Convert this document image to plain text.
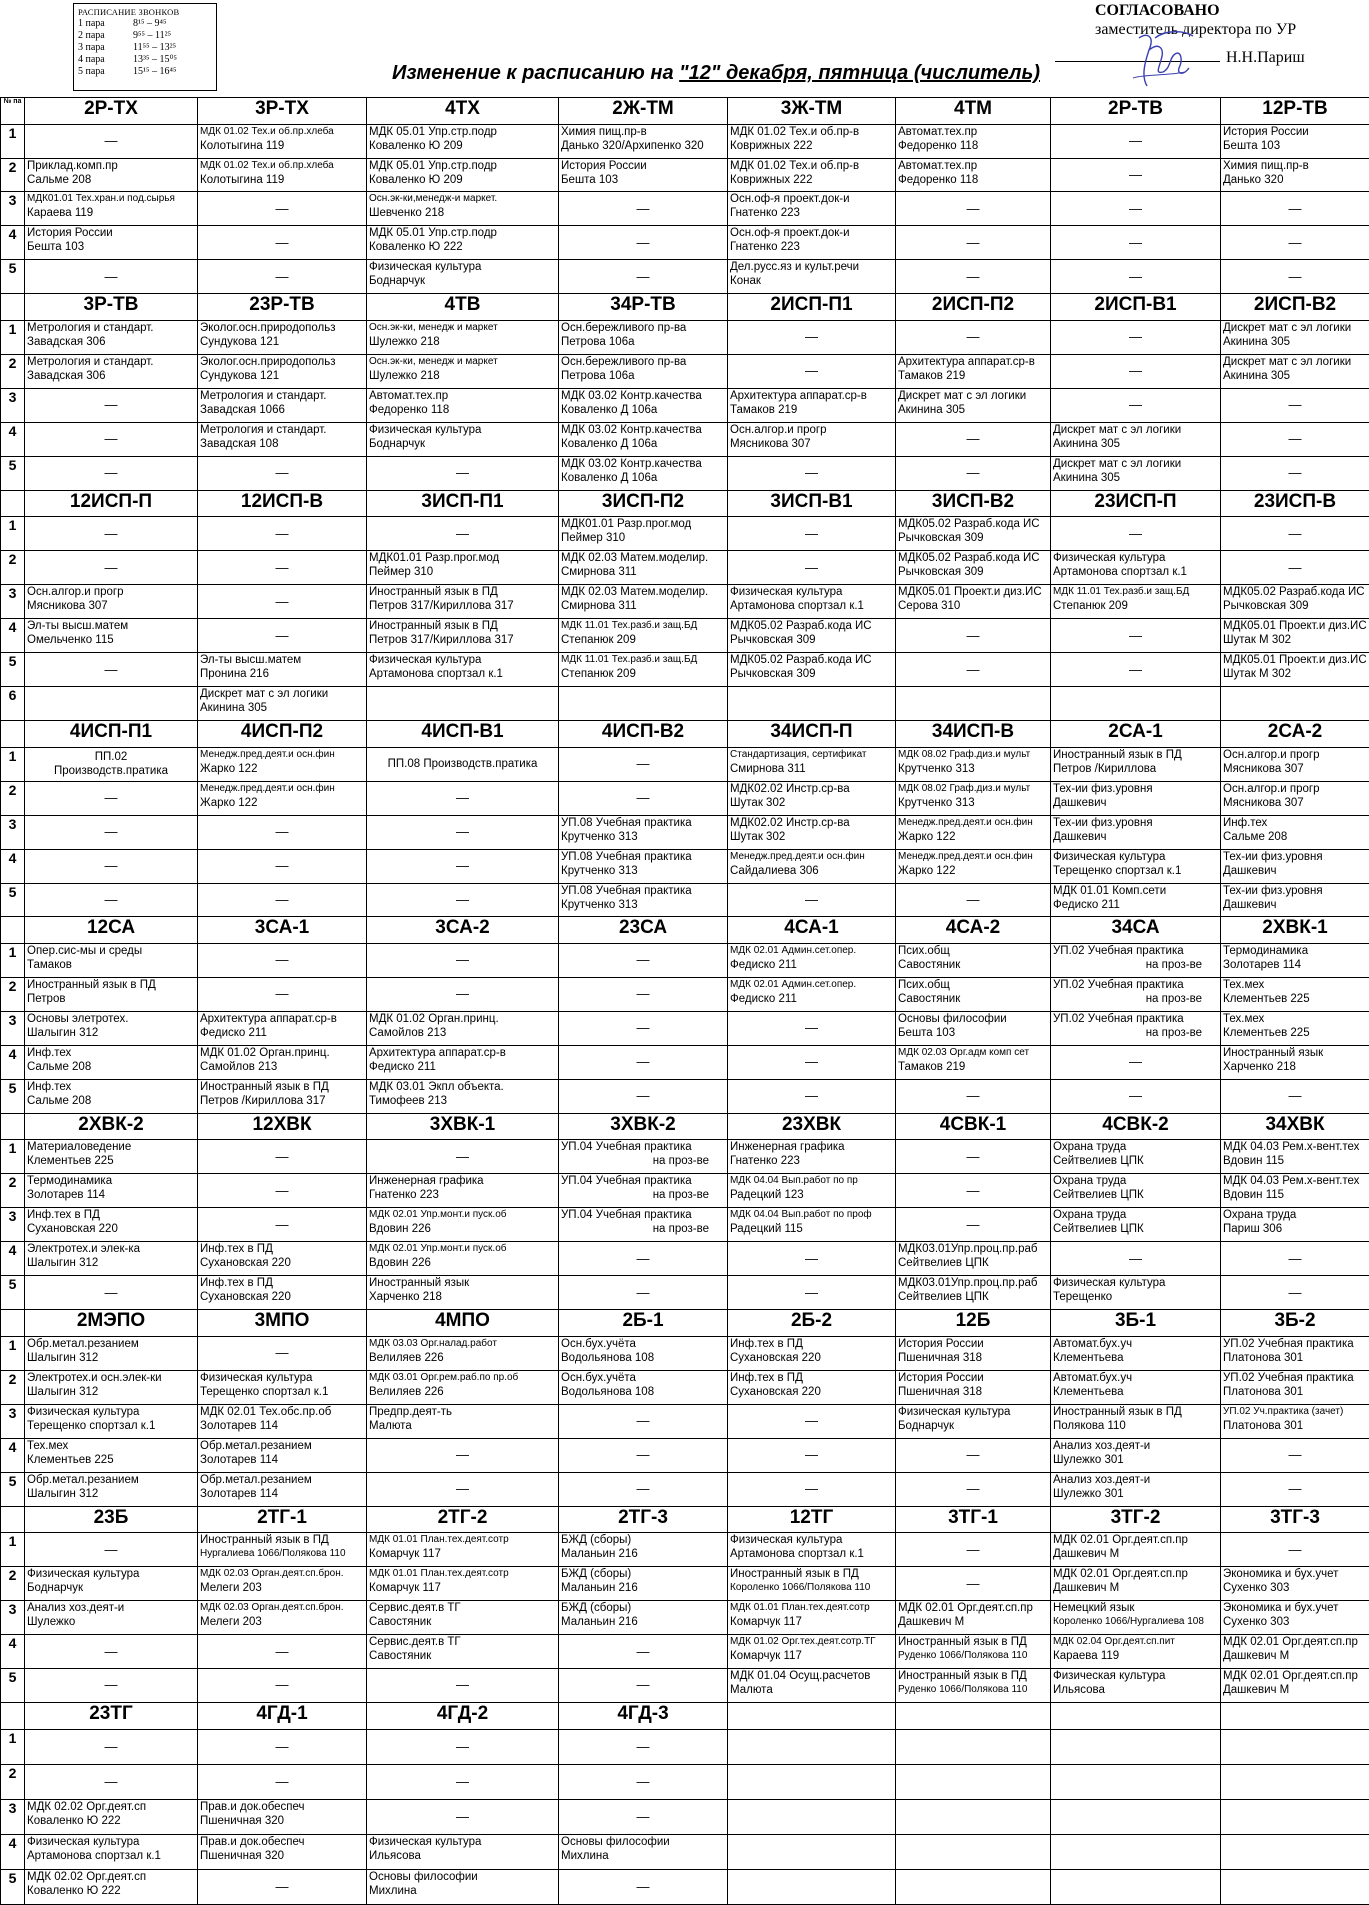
РАСПИСАНИЕ ЗВОНКОВ
1 пара	8¹⁵ – 9⁴⁵
2 пара	9⁵⁵ – 11²⁵
3 пара	11⁵⁵ – 13²⁵
4 пара	13³⁵ – 15⁰⁵
5 пара	15¹⁵ – 16⁴⁵
СОГЛАСОВАНО
заместитель директора по УР
Н.Н.Париш
Изменение к расписанию на "12" декабря, пятница (числитель)
№ па	2Р-ТХ	3Р-ТХ	4ТХ	2Ж-ТМ	3Ж-ТМ	4ТМ	2Р-ТВ	12Р-ТВ
1	—	МДК 01.02 Тех.и об.пр.хлеба
Колотыгина 119	МДК 05.01 Упр.стр.подр
Коваленко Ю 209	Химия пищ.пр-в
Данько 320/Архипенко 320	МДК 01.02 Тех.и об.пр-в
Коврижных 222	Автомат.тех.пр
Федоренко 118	—	История России
Бешта 103

2	Приклад.комп.пр
Сальме 208	МДК 01.02 Тех.и об.пр.хлеба
Колотыгина 119	МДК 05.01 Упр.стр.подр
Коваленко Ю 209	История России
Бешта 103	МДК 01.02 Тех.и об.пр-в
Коврижных 222	Автомат.тех.пр
Федоренко 118	—	Химия пищ.пр-в
Данько 320

3	МДК01.01 Тех.хран.и под.сырья
Караева 119	—	Осн.эк-ки,менедж-и маркет.
Шевченко 218	—	Осн.оф-я проект.док-и
Гнатенко 223	—	—	—
4	История России
Бешта 103	—	МДК 05.01 Упр.стр.подр
Коваленко Ю 222	—	Осн.оф-я проект.док-и
Гнатенко 223	—	—	—
5	—	—	Физическая культура
Боднарчук	—	Дел.русс.яз и культ.речи
Конак	—	—	—
	3Р-ТВ	23Р-ТВ	4ТВ	34Р-ТВ	2ИСП-П1	2ИСП-П2	2ИСП-В1	2ИСП-В2
1	Метрология и стандарт.
Завадская 306	Эколог.осн.природопольз
Сундукова 121	Осн.эк-ки, менедж и маркет
Шулежко 218	Осн.бережливого пр-ва
Петрова 106а	—	—	—	Дискрет мат с эл логики
Акинина 305

2	Метрология и стандарт.
Завадская 306	Эколог.осн.природопольз
Сундукова 121	Осн.эк-ки, менедж и маркет
Шулежко 218	Осн.бережливого пр-ва
Петрова 106а	—	Архитектура аппарат.ср-в
Тамаков 219	—	Дискрет мат с эл логики
Акинина 305

3	—	Метрология и стандарт.
Завадская 1066	Автомат.тех.пр
Федоренко 118	МДК 03.02 Контр.качества
Коваленко Д 106а	Архитектура аппарат.ср-в
Тамаков 219	Дискрет мат с эл логики
Акинина 305	—	—
4	—	Метрология и стандарт.
Завадская 108	Физическая культура
Боднарчук	МДК 03.02 Контр.качества
Коваленко Д 106а	Осн.алгор.и прогр
Мясникова 307	—	Дискрет мат с эл логики
Акинина 305	—
5	—	—	—	МДК 03.02 Контр.качества
Коваленко Д 106а	—	—	Дискрет мат с эл логики
Акинина 305	—
	12ИСП-П	12ИСП-В	3ИСП-П1	3ИСП-П2	3ИСП-В1	3ИСП-В2	23ИСП-П	23ИСП-В
1	—	—	—	МДК01.01 Разр.прог.мод
Пеймер 310	—	МДК05.02 Разраб.кода ИС
Рычковская 309	—	—
2	—	—	МДК01.01 Разр.прог.мод
Пеймер 310	МДК 02.03 Матем.моделир.
Смирнова 311	—	МДК05.02 Разраб.кода ИС
Рычковская 309	Физическая культура
Артамонова спортзал к.1	—
3	Осн.алгор.и прогр
Мясникова 307	—	Иностранный язык в ПД
Петров 317/Кириллова 317	МДК 02.03 Матем.моделир.
Смирнова 311	Физическая культура
Артамонова спортзал к.1	МДК05.01 Проект.и диз.ИС
Серова 310	МДК 11.01 Тех.разб.и защ.БД
Степанюк 209	МДК05.02 Разраб.кода ИС
Рычковская 309

4	Эл-ты высш.матем
Омельченко 115	—	Иностранный язык в ПД
Петров 317/Кириллова 317	МДК 11.01 Тех.разб.и защ.БД
Степанюк 209	МДК05.02 Разраб.кода ИС
Рычковская 309	—	—	МДК05.01 Проект.и диз.ИС
Шутак М 302

5	—	Эл-ты высш.матем
Пронина 216	Физическая культура
Артамонова спортзал к.1	МДК 11.01 Тех.разб.и защ.БД
Степанюк 209	МДК05.02 Разраб.кода ИС
Рычковская 309	—	—	МДК05.01 Проект.и диз.ИС
Шутак М 302

6		Дискрет мат с эл логики
Акинина 305						

	4ИСП-П1	4ИСП-П2	4ИСП-В1	4ИСП-В2	34ИСП-П	34ИСП-В	2СА-1	2СА-2
1	ПП.02
Производств.пратика	Менедж.пред.деят.и осн.фин
Жарко 122	ПП.08 Производств.пратика	—	Стандартизация, сертификат
Смирнова 311	МДК 08.02 Граф.диз.и мульт
Крутченко 313	Иностранный язык в ПД
Петров /Кириллова	Осн.алгор.и прогр
Мясникова 307

2	—	Менедж.пред.деят.и осн.фин
Жарко 122	—	—	МДК02.02 Инстр.ср-ва
Шутак 302	МДК 08.02 Граф.диз.и мульт
Крутченко 313	Тех-ии физ.уровня
Дашкевич	Осн.алгор.и прогр
Мясникова 307

3	—	—	—	УП.08 Учебная практика
Крутченко 313	МДК02.02 Инстр.ср-ва
Шутак 302	Менедж.пред.деят.и осн.фин
Жарко 122	Тех-ии физ.уровня
Дашкевич	Инф.тех
Сальме 208

4	—	—	—	УП.08 Учебная практика
Крутченко 313	Менедж.пред.деят.и осн.фин
Сайдалиева 306	Менедж.пред.деят.и осн.фин
Жарко 122	Физическая культура
Терещенко спортзал к.1	Тех-ии физ.уровня
Дашкевич

5	—	—	—	УП.08 Учебная практика
Крутченко 313	—	—	МДК 01.01 Комп.сети
Федиско 211	Тех-ии физ.уровня
Дашкевич

	12СА	3СА-1	3СА-2	23СА	4СА-1	4СА-2	34СА	2ХВК-1
1	Опер.сис-мы и среды
Тамаков	—	—	—	МДК 02.01 Админ.сет.опер.
Федиско 211	Псих.общ
Савостяник	УП.02 Учебная практика
на проз-ве	Термодинамика
Золотарев 114

2	Иностранный язык в ПД
Петров	—	—	—	МДК 02.01 Админ.сет.опер.
Федиско 211	Псих.общ
Савостяник	УП.02 Учебная практика
на проз-ве	Тех.мех
Клементьев 225

3	Основы элетротех.
Шалыгин 312	Архитектура аппарат.ср-в
Федиско 211	МДК 01.02 Орган.принц.
Самойлов 213	—	—	Основы философии
Бешта 103	УП.02 Учебная практика
на проз-ве	Тех.мех
Клементьев 225

4	Инф.тех
Сальме 208	МДК 01.02 Орган.принц.
Самойлов 213	Архитектура аппарат.ср-в
Федиско 211	—	—	МДК 02.03 Орг.адм комп сет
Тамаков 219	—	Иностранный язык
Харченко 218

5	Инф.тех
Сальме 208	Иностранный язык в ПД
Петров /Кириллова 317	МДК 03.01 Экпл объекта.
Тимофеев 213	—	—	—	—	—
	2ХВК-2	12ХВК	3ХВК-1	3ХВК-2	23ХВК	4СВК-1	4СВК-2	34ХВК
1	Материаловедение
Клементьев 225	—	—	УП.04 Учебная практика
на проз-ве	Инженерная графика
Гнатенко 223	—	Охрана труда
Сейтвелиев ЦПК	МДК 04.03 Рем.х-вент.тех
Вдовин 115

2	Термодинамика
Золотарев 114	—	Инженерная графика
Гнатенко 223	УП.04 Учебная практика
на проз-ве	МДК 04.04 Вып.работ по пр
Радецкий 123	—	Охрана труда
Сейтвелиев ЦПК	МДК 04.03 Рем.х-вент.тех
Вдовин 115

3	Инф.тех в ПД
Сухановская 220	—	МДК 02.01 Упр.монт.и пуск.об
Вдовин 226	УП.04 Учебная практика
на проз-ве	МДК 04.04 Вып.работ по проф
Радецкий 115	—	Охрана труда
Сейтвелиев ЦПК	Охрана труда
Париш 306

4	Электротех.и элек-ка
Шалыгин 312	Инф.тех в ПД
Сухановская 220	МДК 02.01 Упр.монт.и пуск.об
Вдовин 226	—	—	МДК03.01Упр.проц.пр.раб
Сейтвелиев ЦПК	—	—
5	—	Инф.тех в ПД
Сухановская 220	Иностранный язык
Харченко 218	—	—	МДК03.01Упр.проц.пр.раб
Сейтвелиев ЦПК	Физическая культура
Терещенко	—
	2МЭПО	3МПО	4МПО	2Б-1	2Б-2	12Б	3Б-1	3Б-2
1	Обр.метал.резанием
Шалыгин 312	—	МДК 03.03 Орг.налад.работ
Велиляев 226	Осн.бух.учёта
Водольянова 108	Инф.тех в ПД
Сухановская 220	История России
Пшеничная 318	Автомат.бух.уч
Клементьева	УП.02 Учебная практика
Платонова 301

2	Электротех.и осн.элек-ки
Шалыгин 312	Физическая культура
Терещенко спортзал к.1	МДК 03.01 Орг.рем.раб.по пр.об
Велиляев 226	Осн.бух.учёта
Водольянова 108	Инф.тех в ПД
Сухановская 220	История России
Пшеничная 318	Автомат.бух.уч
Клементьева	УП.02 Учебная практика
Платонова 301

3	Физическая культура
Терещенко спортзал к.1	МДК 02.01 Тех.обс.пр.об
Золотарев 114	Предпр.деят-ть
Малюта	—	—	Физическая культура
Боднарчук	Иностранный язык в ПД
Полякова 110	УП.02 Уч.практика (зачет)
Платонова 301

4	Тех.мех
Клементьев 225	Обр.метал.резанием
Золотарев 114	—	—	—	—	Анализ хоз.деят-и
Шулежко 301	—
5	Обр.метал.резанием
Шалыгин 312	Обр.метал.резанием
Золотарев 114	—	—	—	—	Анализ хоз.деят-и
Шулежко 301	—
	23Б	2ТГ-1	2ТГ-2	2ТГ-3	12ТГ	3ТГ-1	3ТГ-2	3ТГ-3
1	—	Иностранный язык в ПД
Нургалиева 1066/Полякова 110	МДК 01.01 План.тех.деят.сотр
Комарчук 117	БЖД (сборы)
Маланьин 216	Физическая культура
Артамонова спортзал к.1	—	МДК 02.01 Орг.деят.сп.пр
Дашкевич М	—
2	Физическая культура
Боднарчук	МДК 02.03 Орган.деят.сп.брон.
Мелеги 203	МДК 01.01 План.тех.деят.сотр
Комарчук 117	БЖД (сборы)
Маланьин 216	Иностранный язык в ПД
Короленко 1066/Полякова 110	—	МДК 02.01 Орг.деят.сп.пр
Дашкевич М	Экономика и бух.учет
Сухенко 303

3	Анализ хоз.деят-и
Шулежко	МДК 02.03 Орган.деят.сп.брон.
Мелеги 203	Сервис.деят.в ТГ
Савостяник	БЖД (сборы)
Маланьин 216	МДК 01.01 План.тех.деят.сотр
Комарчук 117	МДК 02.01 Орг.деят.сп.пр
Дашкевич М	Немецкий язык
Короленко 1066/Нургалиева 108	Экономика и бух.учет
Сухенко 303

4	—	—	Сервис.деят.в ТГ
Савостяник	—	МДК 01.02 Орг.тех.деят.сотр.ТГ
Комарчук 117	Иностранный язык в ПД
Руденко 1066/Полякова 110	МДК 02.04 Орг.деят.сп.пит
Караева 119	МДК 02.01 Орг.деят.сп.пр
Дашкевич М

5	—	—	—	—	МДК 01.04 Осущ.расчетов
Малюта	Иностранный язык в ПД
Руденко 1066/Полякова 110	Физическая культура
Ильясова	МДК 02.01 Орг.деят.сп.пр
Дашкевич М

	23ТГ	4ГД-1	4ГД-2	4ГД-3				
1	—	—	—	—				
2	—	—	—	—				
3	МДК 02.02 Орг.деят.сп
Коваленко Ю 222	Прав.и док.обеспеч
Пшеничная 320	—	—				
4	Физическая культура
Артамонова спортзал к.1	Прав.и док.обеспеч
Пшеничная 320	Физическая культура
Ильясова	Основы философии
Михлина				

5	МДК 02.02 Орг.деят.сп
Коваленко Ю 222	—	Основы философии
Михлина	—				
